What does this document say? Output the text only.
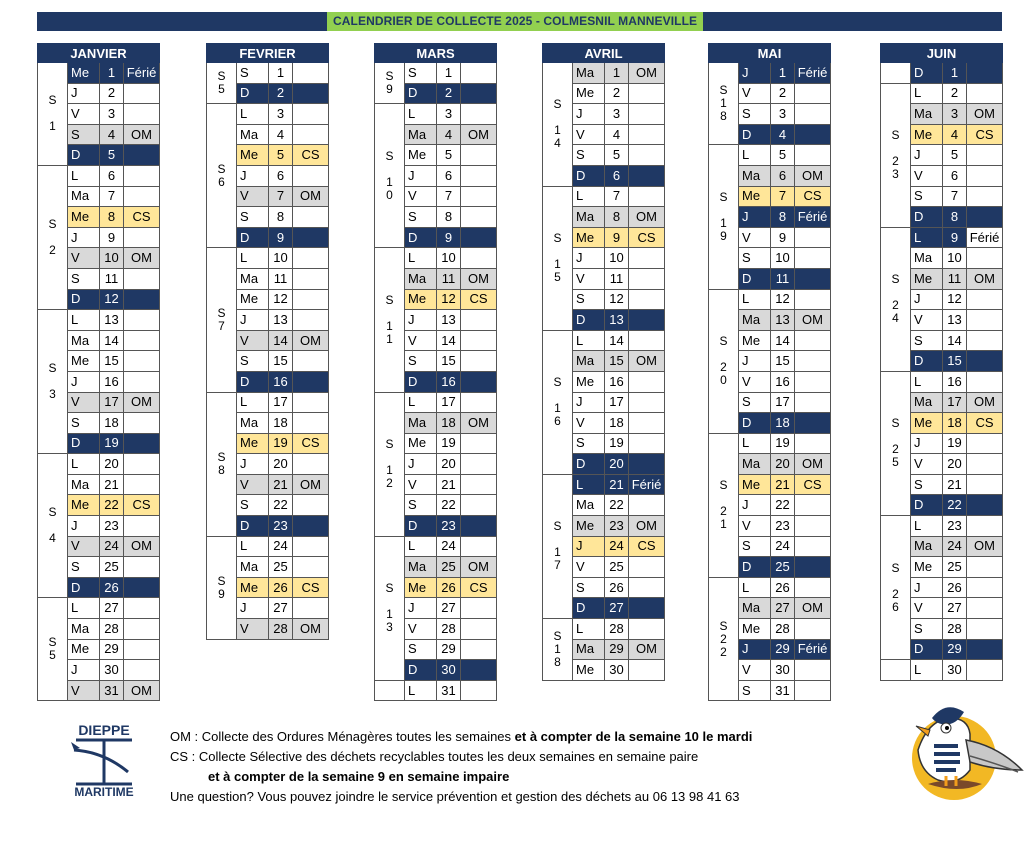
CALENDRIER DE COLLECTE 2025 - COLMESNIL MANNEVILLE
JANVIER			

S
1	Me	1	Férié
	J	2	
	V	3	
	S	4	OM
	D	5	

S
2	L	6	
	Ma	7	
	Me	8	CS
	J	9	
	V	10	OM
	S	11	
	D	12	

S
3	L	13	
	Ma	14	
	Me	15	
	J	16	
	V	17	OM
	S	18	
	D	19	

S
4	L	20	
	Ma	21	
	Me	22	CS
	J	23	
	V	24	OM
	S	25	
	D	26	

S
5	L	27	
	Ma	28	
	Me	29	
	J	30	
	V	31	OM
FEVRIER			

S
5	S	1	
	D	2	

S
6	L	3	
	Ma	4	
	Me	5	CS
	J	6	
	V	7	OM
	S	8	
	D	9	

S
7	L	10	
	Ma	11	
	Me	12	
	J	13	
	V	14	OM
	S	15	
	D	16	

S
8	L	17	
	Ma	18	
	Me	19	CS
	J	20	
	V	21	OM
	S	22	
	D	23	

S
9	L	24	
	Ma	25	
	Me	26	CS
	J	27	
	V	28	OM
MARS			

S
9	S	1	
	D	2	

S
1
0	L	3	
	Ma	4	OM
	Me	5	
	J	6	
	V	7	
	S	8	
	D	9	

S
1
1	L	10	
	Ma	11	OM
	Me	12	CS
	J	13	
	V	14	
	S	15	
	D	16	

S
1
2	L	17	
	Ma	18	OM
	Me	19	
	J	20	
	V	21	
	S	22	
	D	23	

S
1
3	L	24	
	Ma	25	OM
	Me	26	CS
	J	27	
	V	28	
	S	29	
	D	30	

	L	31	
AVRIL			

S
1
4	Ma	1	OM
	Me	2	
	J	3	
	V	4	
	S	5	
	D	6	

S
1
5	L	7	
	Ma	8	OM
	Me	9	CS
	J	10	
	V	11	
	S	12	
	D	13	

S
1
6	L	14	
	Ma	15	OM
	Me	16	
	J	17	
	V	18	
	S	19	
	D	20	

S
1
7	L	21	Férié
	Ma	22	
	Me	23	OM
	J	24	CS
	V	25	
	S	26	
	D	27	

S
1
8	L	28	
	Ma	29	OM
	Me	30	
MAI			

S
1
8	J	1	Férié
	V	2	
	S	3	
	D	4	

S
1
9	L	5	
	Ma	6	OM
	Me	7	CS
	J	8	Férié
	V	9	
	S	10	
	D	11	

S
2
0	L	12	
	Ma	13	OM
	Me	14	
	J	15	
	V	16	
	S	17	
	D	18	

S
2
1	L	19	
	Ma	20	OM
	Me	21	CS
	J	22	
	V	23	
	S	24	
	D	25	

S
2
2	L	26	
	Ma	27	OM
	Me	28	
	J	29	Férié
	V	30	
	S	31	
JUIN			

	D	1	

S
2
3	L	2	
	Ma	3	OM
	Me	4	CS
	J	5	
	V	6	
	S	7	
	D	8	

S
2
4	L	9	Férié
	Ma	10	
	Me	11	OM
	J	12	
	V	13	
	S	14	
	D	15	

S
2
5	L	16	
	Ma	17	OM
	Me	18	CS
	J	19	
	V	20	
	S	21	
	D	22	

S
2
6	L	23	
	Ma	24	OM
	Me	25	
	J	26	
	V	27	
	S	28	
	D	29	

	L	30	
DIEPPE
MARITIME
OM : Collecte des Ordures Ménagères toutes les semaines et à compter de la semaine 10 le mardi
CS : Collecte Sélective des déchets recyclables toutes les deux semaines en semaine paire
et à compter de la semaine 9 en semaine impaire
Une question? Vous pouvez joindre le service prévention et gestion des déchets au 06 13 98 41 63
